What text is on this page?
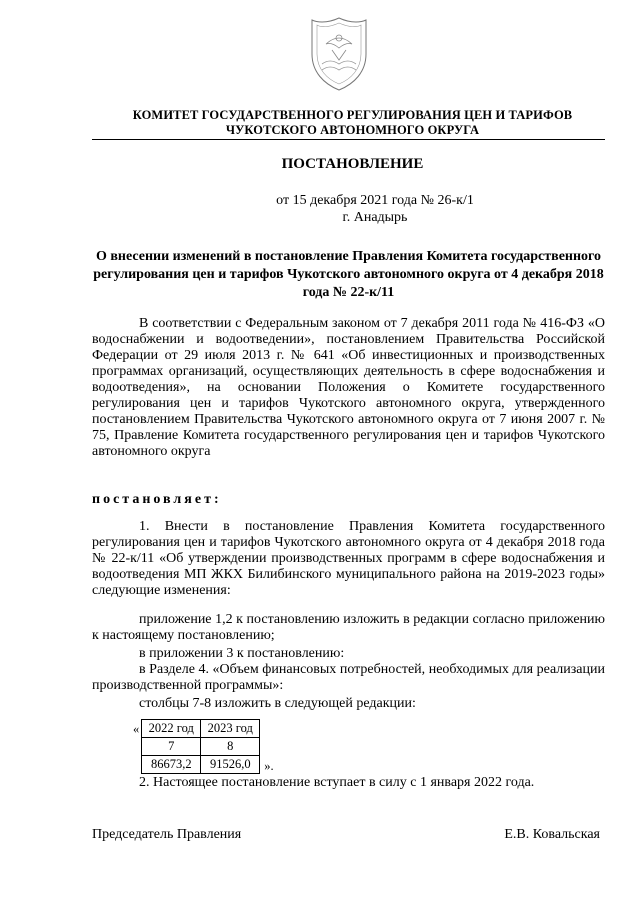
КОМИТЕТ ГОСУДАРСТВЕННОГО РЕГУЛИРОВАНИЯ ЦЕН И ТАРИФОВ
ЧУКОТСКОГО АВТОНОМНОГО ОКРУГА
ПОСТАНОВЛЕНИЕ
от 15 декабря 2021 года № 26-к/1
г. Анадырь
О внесении изменений в постановление Правления Комитета государственного регулирования цен и тарифов Чукотского автономного округа от 4 декабря 2018 года № 22-к/11
В соответствии с Федеральным законом от 7 декабря 2011 года № 416-ФЗ «О водоснабжении и водоотведении», постановлением Правительства Российской Федерации от 29 июля 2013 г. № 641 «Об инвестиционных и производственных программах организаций, осуществляющих деятельность в сфере водоснабжения и водоотведения», на основании Положения о Комитете государственного регулирования цен и тарифов Чукотского автономного округа, утвержденного постановлением Правительства Чукотского автономного округа от 7 июня 2007 г. № 75, Правление Комитета государственного регулирования цен и тарифов Чукотского автономного округа
постановляет:
1. Внести в постановление Правления Комитета государственного регулирования цен и тарифов Чукотского автономного округа от 4 декабря 2018 года № 22-к/11 «Об утверждении производственных программ в сфере водоснабжения и водоотведения МП ЖКХ Билибинского муниципального района на 2019-2023 годы» следующие изменения:
приложение 1,2 к постановлению изложить в редакции согласно приложению к настоящему постановлению;
в приложении 3 к постановлению:
в Разделе 4. «Объем финансовых потребностей, необходимых для реализации производственной программы»:
столбцы 7-8 изложить в следующей редакции:
« 2022 год	2023 год
7	8
86673,2	91526,0 ».
2. Настоящее постановление вступает в силу с 1 января 2022 года.
Председатель Правления	Е.В. Ковальская
